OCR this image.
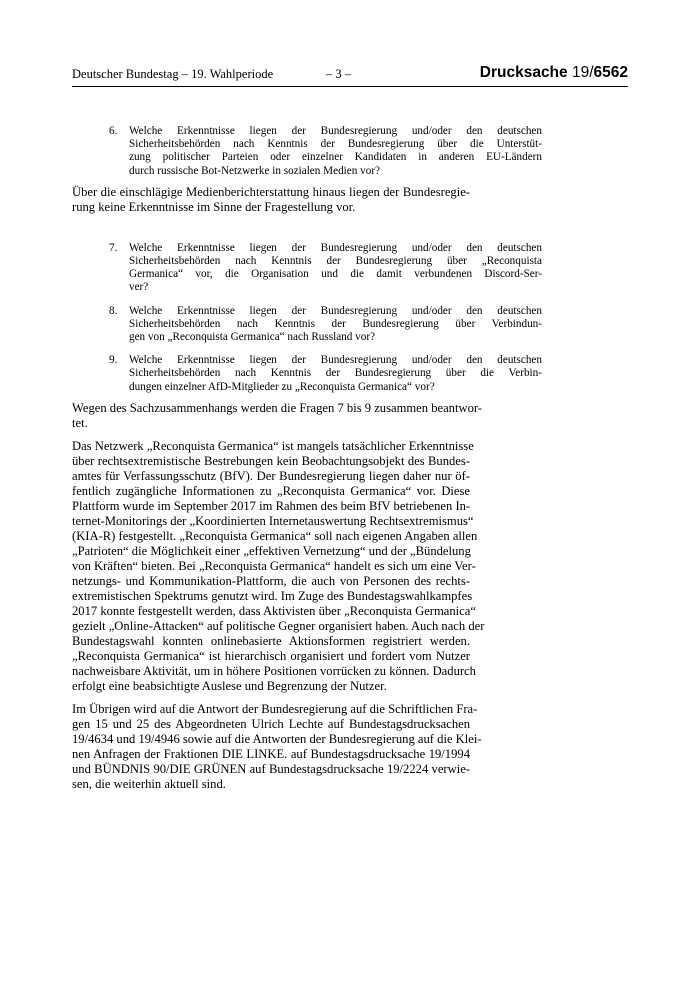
Deutscher Bundestag – 19. Wahlperiode	– 3 –	Drucksache 19/6562
6. Welche Erkenntnisse liegen der Bundesregierung und/oder den deutschen
Sicherheitsbehörden nach Kenntnis der Bundesregierung über die Unterstüt-
zung politischer Parteien oder einzelner Kandidaten in anderen EU-Ländern
durch russische Bot-Netzwerke in sozialen Medien vor?
Über die einschlägige Medienberichterstattung hinaus liegen der Bundesregie-
rung keine Erkenntnisse im Sinne der Fragestellung vor.
7. Welche Erkenntnisse liegen der Bundesregierung und/oder den deutschen
Sicherheitsbehörden nach Kenntnis der Bundesregierung über „Reconquista
Germanica“ vor, die Organisation und die damit verbundenen Discord-Ser-
ver?
8. Welche Erkenntnisse liegen der Bundesregierung und/oder den deutschen
Sicherheitsbehörden nach Kenntnis der Bundesregierung über Verbindun-
gen von „Reconquista Germanica“ nach Russland vor?
9. Welche Erkenntnisse liegen der Bundesregierung und/oder den deutschen
Sicherheitsbehörden nach Kenntnis der Bundesregierung über die Verbin-
dungen einzelner AfD-Mitglieder zu „Reconquista Germanica“ vor?
Wegen des Sachzusammenhangs werden die Fragen 7 bis 9 zusammen beantwor-
tet.
Das Netzwerk „Reconquista Germanica“ ist mangels tatsächlicher Erkenntnisse
über rechtsextremistische Bestrebungen kein Beobachtungsobjekt des Bundes-
amtes für Verfassungsschutz (BfV). Der Bundesregierung liegen daher nur öf-
fentlich zugängliche Informationen zu „Reconquista Germanica“ vor. Diese
Plattform wurde im September 2017 im Rahmen des beim BfV betriebenen In-
ternet-Monitorings der „Koordinierten Internetauswertung Rechtsextremismus“
(KIA-R) festgestellt. „Reconquista Germanica“ soll nach eigenen Angaben allen
„Patrioten“ die Möglichkeit einer „effektiven Vernetzung“ und der „Bündelung
von Kräften“ bieten. Bei „Reconquista Germanica“ handelt es sich um eine Ver-
netzungs- und Kommunikation-Plattform, die auch von Personen des rechts-
extremistischen Spektrums genutzt wird. Im Zuge des Bundestagswahlkampfes
2017 konnte festgestellt werden, dass Aktivisten über „Reconquista Germanica“
gezielt „Online-Attacken“ auf politische Gegner organisiert haben. Auch nach der
Bundestagswahl konnten onlinebasierte Aktionsformen registriert werden.
„Reconquista Germanica“ ist hierarchisch organisiert und fordert vom Nutzer
nachweisbare Aktivität, um in höhere Positionen vorrücken zu können. Dadurch
erfolgt eine beabsichtigte Auslese und Begrenzung der Nutzer.
Im Übrigen wird auf die Antwort der Bundesregierung auf die Schriftlichen Fra-
gen 15 und 25 des Abgeordneten Ulrich Lechte auf Bundestagsdrucksachen
19/4634 und 19/4946 sowie auf die Antworten der Bundesregierung auf die Klei-
nen Anfragen der Fraktionen DIE LINKE. auf Bundestagsdrucksache 19/1994
und BÜNDNIS 90/DIE GRÜNEN auf Bundestagsdrucksache 19/2224 verwie-
sen, die weiterhin aktuell sind.
